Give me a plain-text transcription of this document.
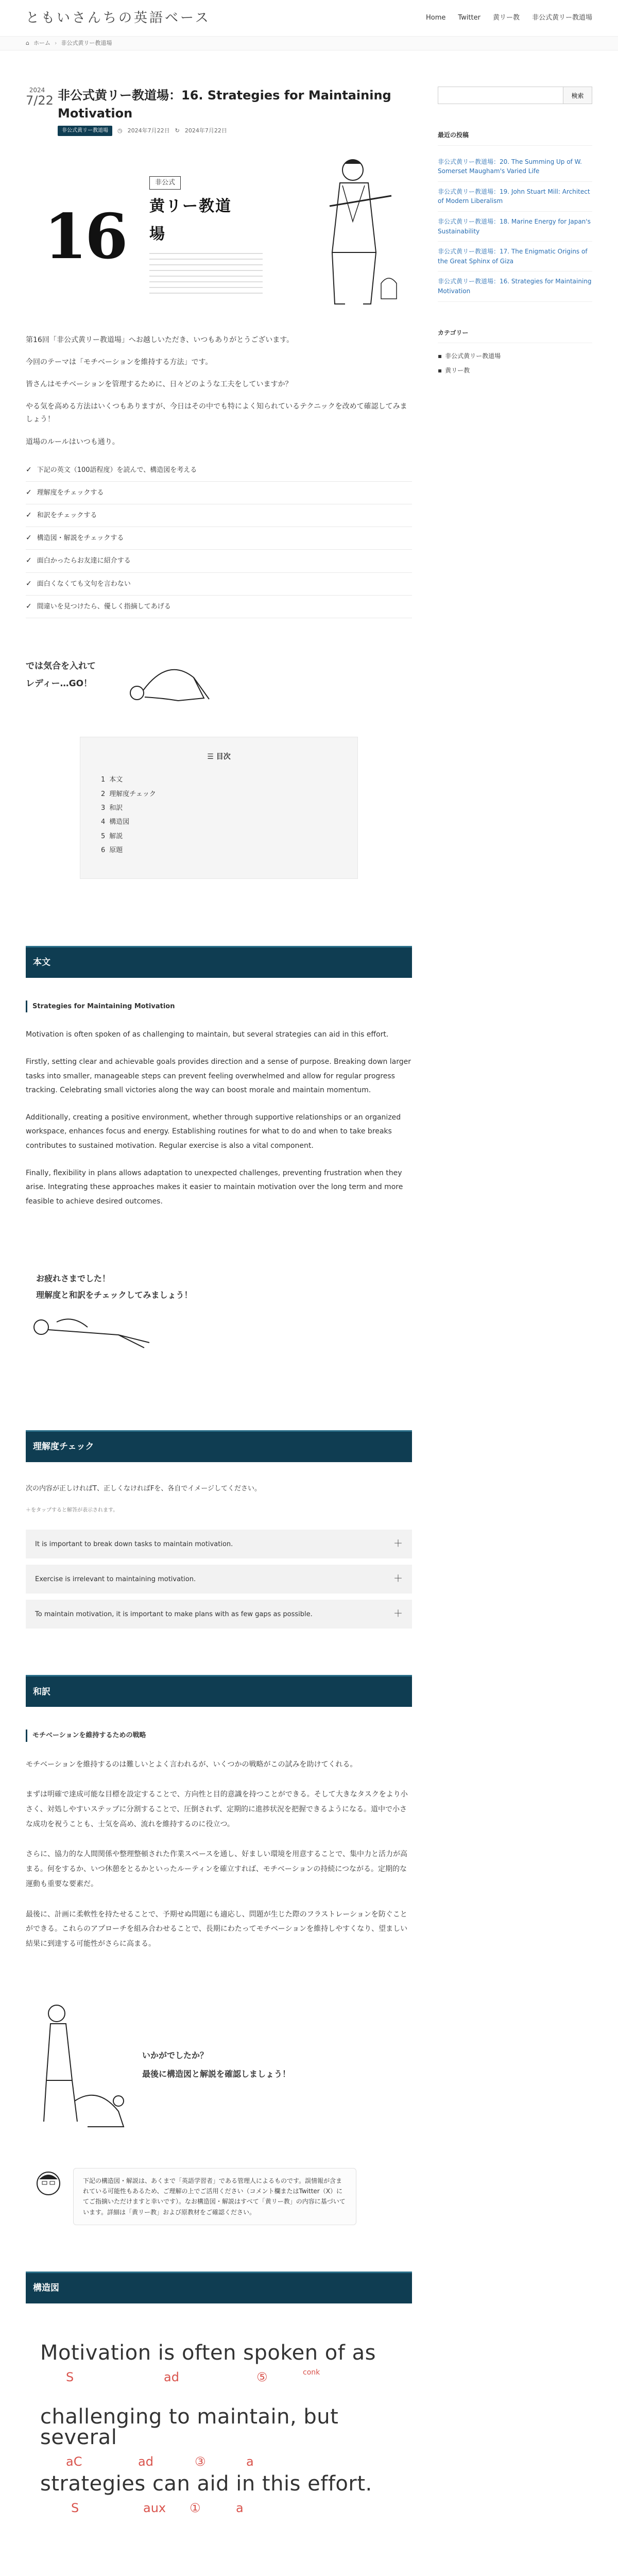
ともいさんちの英語ベース	Home Twitter 黄リー教 非公式黄リー教道場
⌂ ホーム › 非公式黄リー教道場
2024
7/22 非公式黄リー教道場：16. Strategies for Maintaining Motivation
非公式黄リー教道場	◷ 2024年7月22日 ↻ 2024年7月22日
16
非公式
黄リー教道場

第16回「非公式黄リー教道場」へお越しいただき、いつもありがとうございます。

今回のテーマは「モチベーションを維持する方法」です。

皆さんはモチベーションを管理するために、日々どのような工夫をしていますか？

やる気を高める方法はいくつもありますが、今日はその中でも特によく知られているテクニックを改めて確認してみましょう！

道場のルールはいつも通り。

✓ 下記の英文（100語程度）を読んで、構造図を考える
✓ 理解度をチェックする
✓ 和訳をチェックする
✓ 構造図・解説をチェックする
✓ 面白かったらお友達に紹介する
✓ 面白くなくても文句を言わない
✓ 間違いを見つけたら、優しく指摘してあげる
では気合を入れて
レディー…GO！
☰ 目次
1 本文
2 理解度チェック
3 和訳
4 構造図
5 解説
6 原題
本文
Strategies for Maintaining Motivation

Motivation is often spoken of as challenging to maintain, but several strategies can aid in this effort.

Firstly, setting clear and achievable goals provides direction and a sense of purpose. Breaking down larger tasks into smaller, manageable steps can prevent feeling overwhelmed and allow for regular progress tracking. Celebrating small victories along the way can boost morale and maintain momentum.

Additionally, creating a positive environment, whether through supportive relationships or an organized workspace, enhances focus and energy. Establishing routines for what to do and when to take breaks contributes to sustained motivation. Regular exercise is also a vital component.

Finally, flexibility in plans allows adaptation to unexpected challenges, preventing frustration when they arise. Integrating these approaches makes it easier to maintain motivation over the long term and more feasible to achieve desired outcomes.

お疲れさまでした！
理解度と和訳をチェックしてみましょう！
理解度チェック

次の内容が正しければT、正しくなければFを、各自でイメージしてください。

＋をタップすると解答が表示されます。

It is important to break down tasks to maintain motivation.	＋
Exercise is irrelevant to maintaining motivation.	＋
To maintain motivation, it is important to make plans with as few gaps as possible.	＋
和訳
モチベーションを維持するための戦略

モチベーションを維持するのは難しいとよく言われるが、いくつかの戦略がこの試みを助けてくれる。

まずは明確で達成可能な目標を設定することで、方向性と目的意識を持つことができる。そして大きなタスクをより小さく、対処しやすいステップに分割することで、圧倒されず、定期的に進捗状況を把握できるようになる。道中で小さな成功を祝うことも、士気を高め、流れを維持するのに役立つ。

さらに、協力的な人間関係や整理整頓された作業スペースを通し、好ましい環境を用意することで、集中力と活力が高まる。何をするか、いつ休憩をとるかといったルーティンを確立すれば、モチベーションの持続につながる。定期的な運動も重要な要素だ。

最後に、計画に柔軟性を持たせることで、予期せぬ問題にも適応し、問題が生じた際のフラストレーションを防ぐことができる。これらのアプローチを組み合わせることで、長期にわたってモチベーションを維持しやすくなり、望ましい結果に到達する可能性がさらに高まる。

いかがでしたか？
最後に構造図と解説を確認しましょう！
下記の構造図・解説は、あくまで「英語学習者」である管理人によるものです。誤情報が含まれている可能性もあるため、ご理解の上でご活用ください（コメント欄またはTwitter（X）にてご指摘いただけますと幸いです）。なお構造図・解説はすべて「黄リー教」の内容に基づいています。詳細は「黄リー教」および原教材をご確認ください。
構造図
Motivation is often spoken of as
S	ad	⑤	conk
challenging to maintain, but several
aC	ad	③	a
strategies can aid in this effort.
S	aux ①	a
検索
最近の投稿
非公式黄リー教道場：20. The Summing Up of W. Somerset Maugham's Varied Life
非公式黄リー教道場：19. John Stuart Mill: Architect of Modern Liberalism
非公式黄リー教道場：18. Marine Energy for Japan's Sustainability
非公式黄リー教道場：17. The Enigmatic Origins of the Great Sphinx of Giza
非公式黄リー教道場：16. Strategies for Maintaining Motivation
カテゴリー
▪ 非公式黄リー教道場
▪ 黄リー教
